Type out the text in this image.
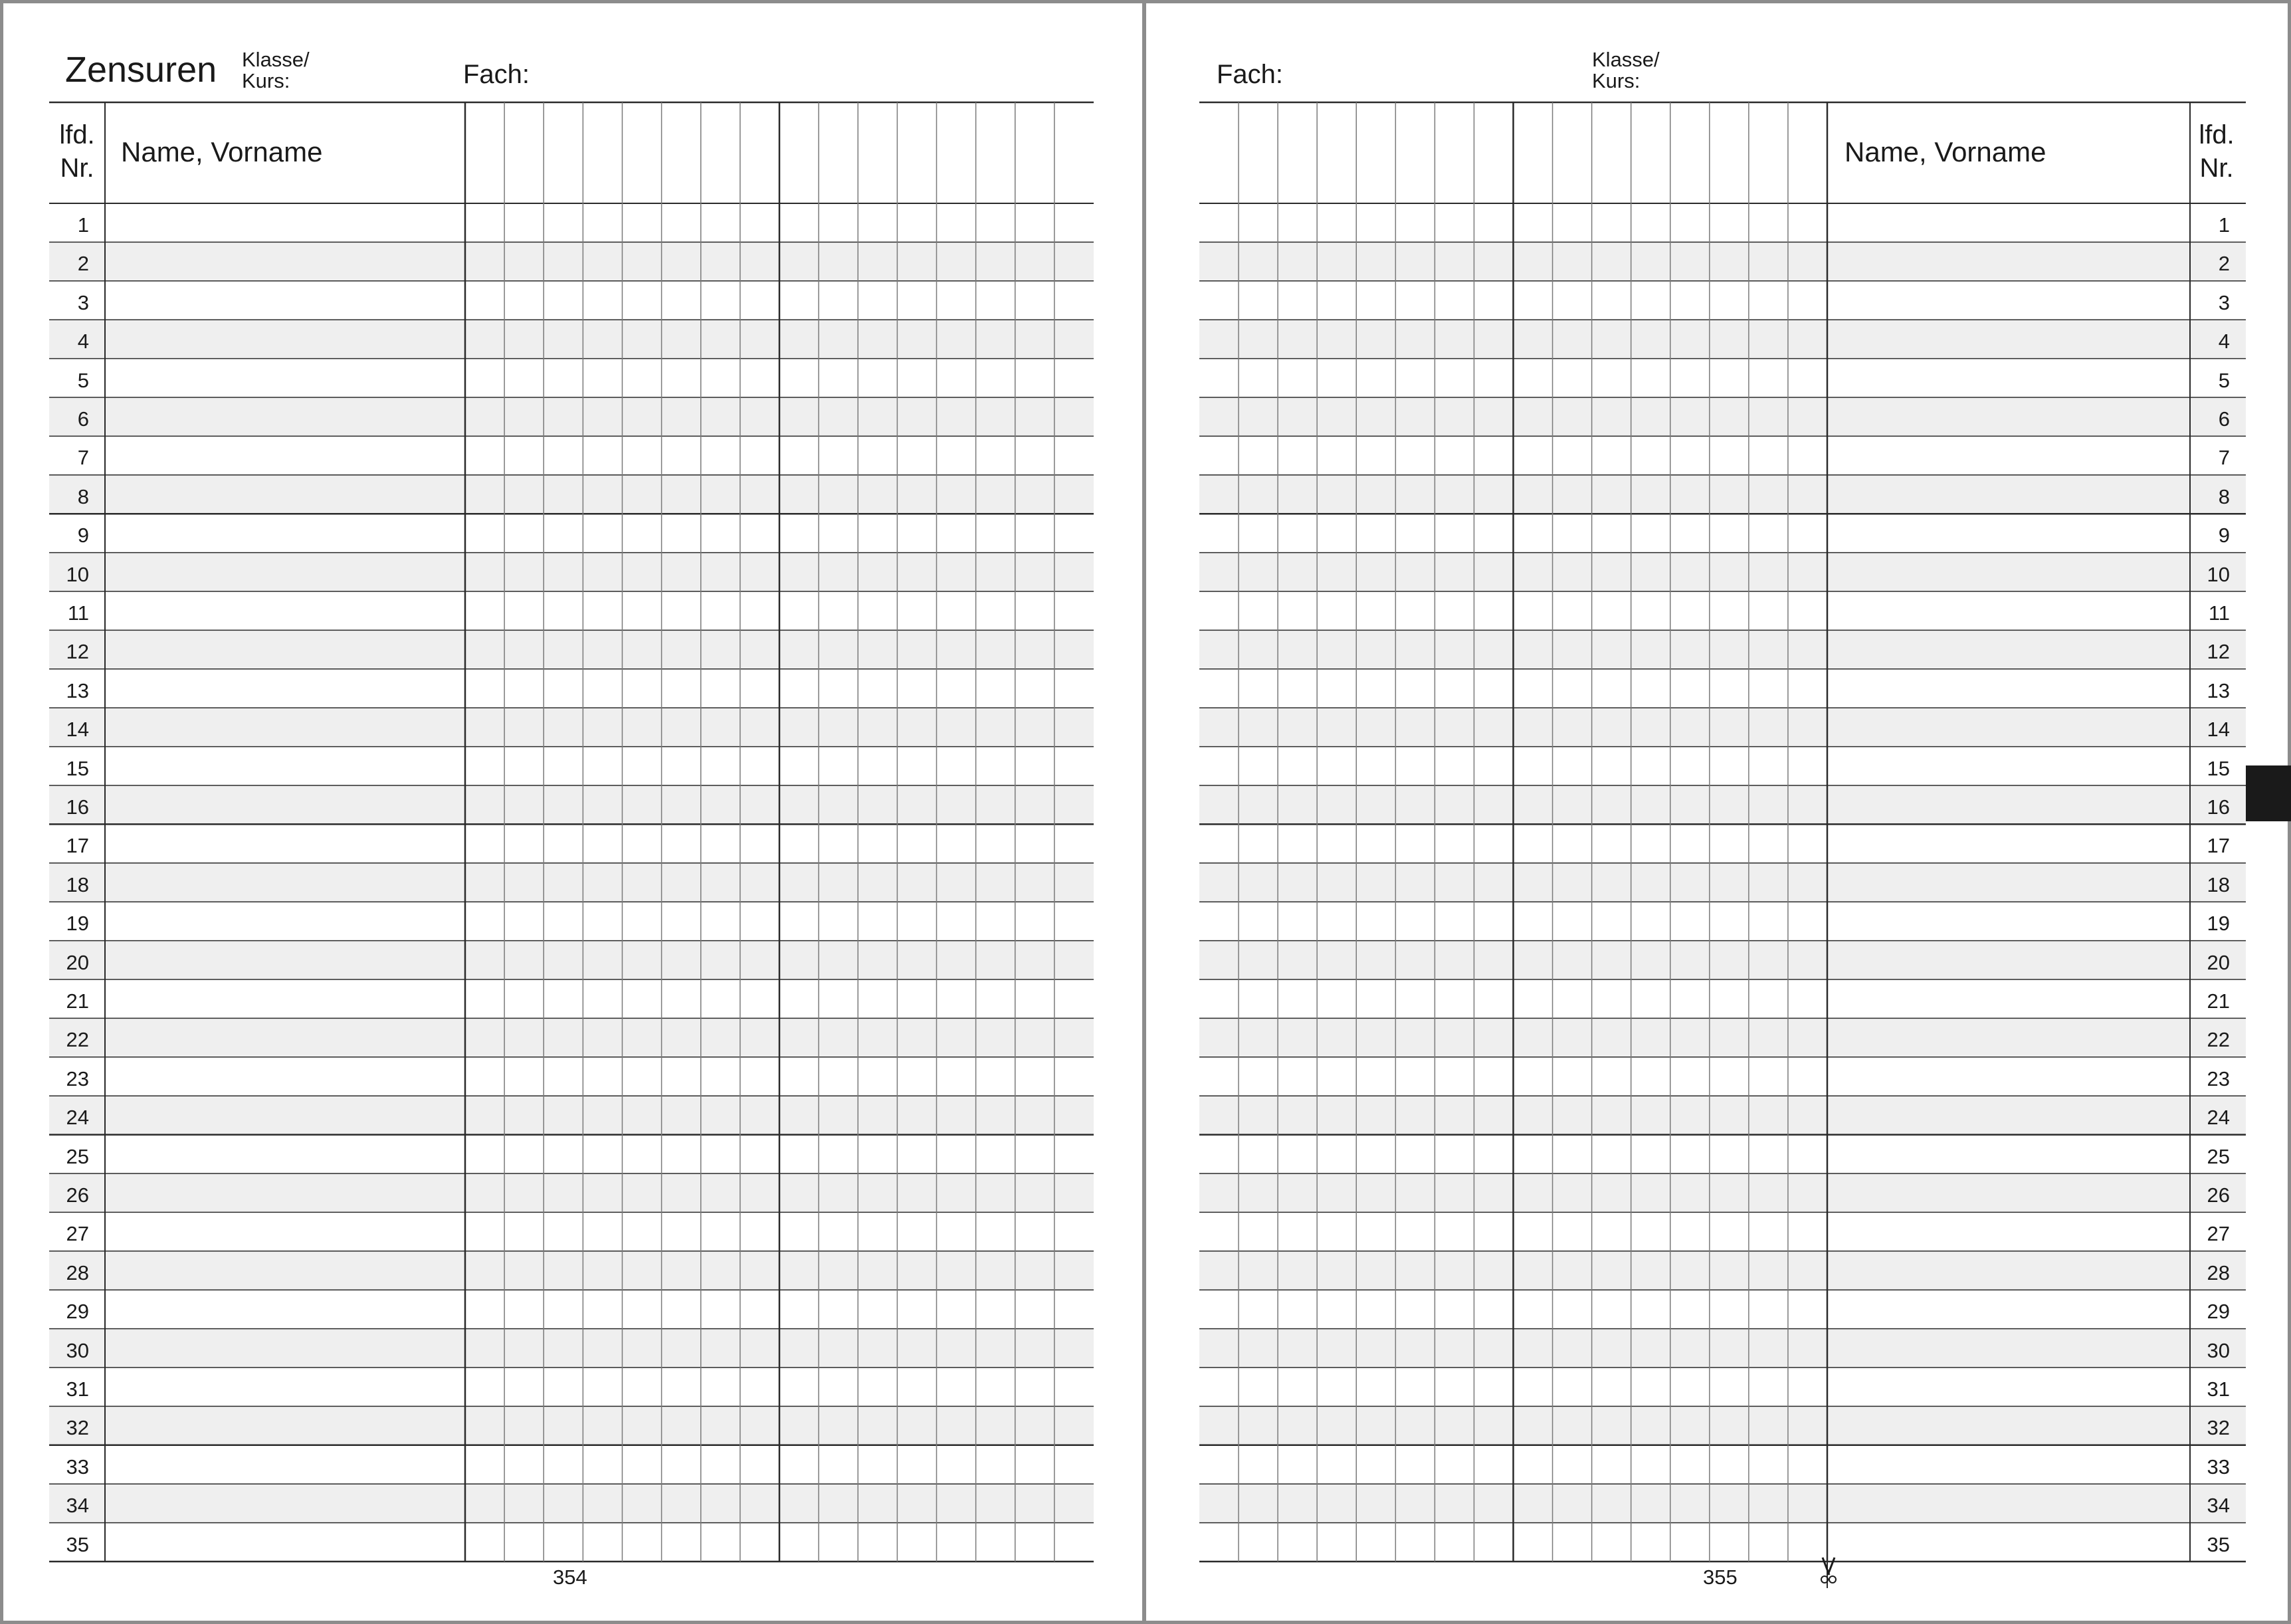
Zensuren Klasse/
Kurs:	Fach:
lfd.
Nr.
Name, Vorname
354
Fach:
Klasse/
Kurs:
Name, Vorname
lfd.
Nr.
355
1	1
2	2
3	3
4	4
5	5
6	6
7	7
8	8
9	9
10	10
11	11
12	12
13	13
14	14
15	15
16	16
17	17
18	18
19	19
20	20
21	21
22	22
23	23
24	24
25	25
26	26
27	27
28	28
29	29
30	30
31	31
32	32
33	33
34	34
35	35
